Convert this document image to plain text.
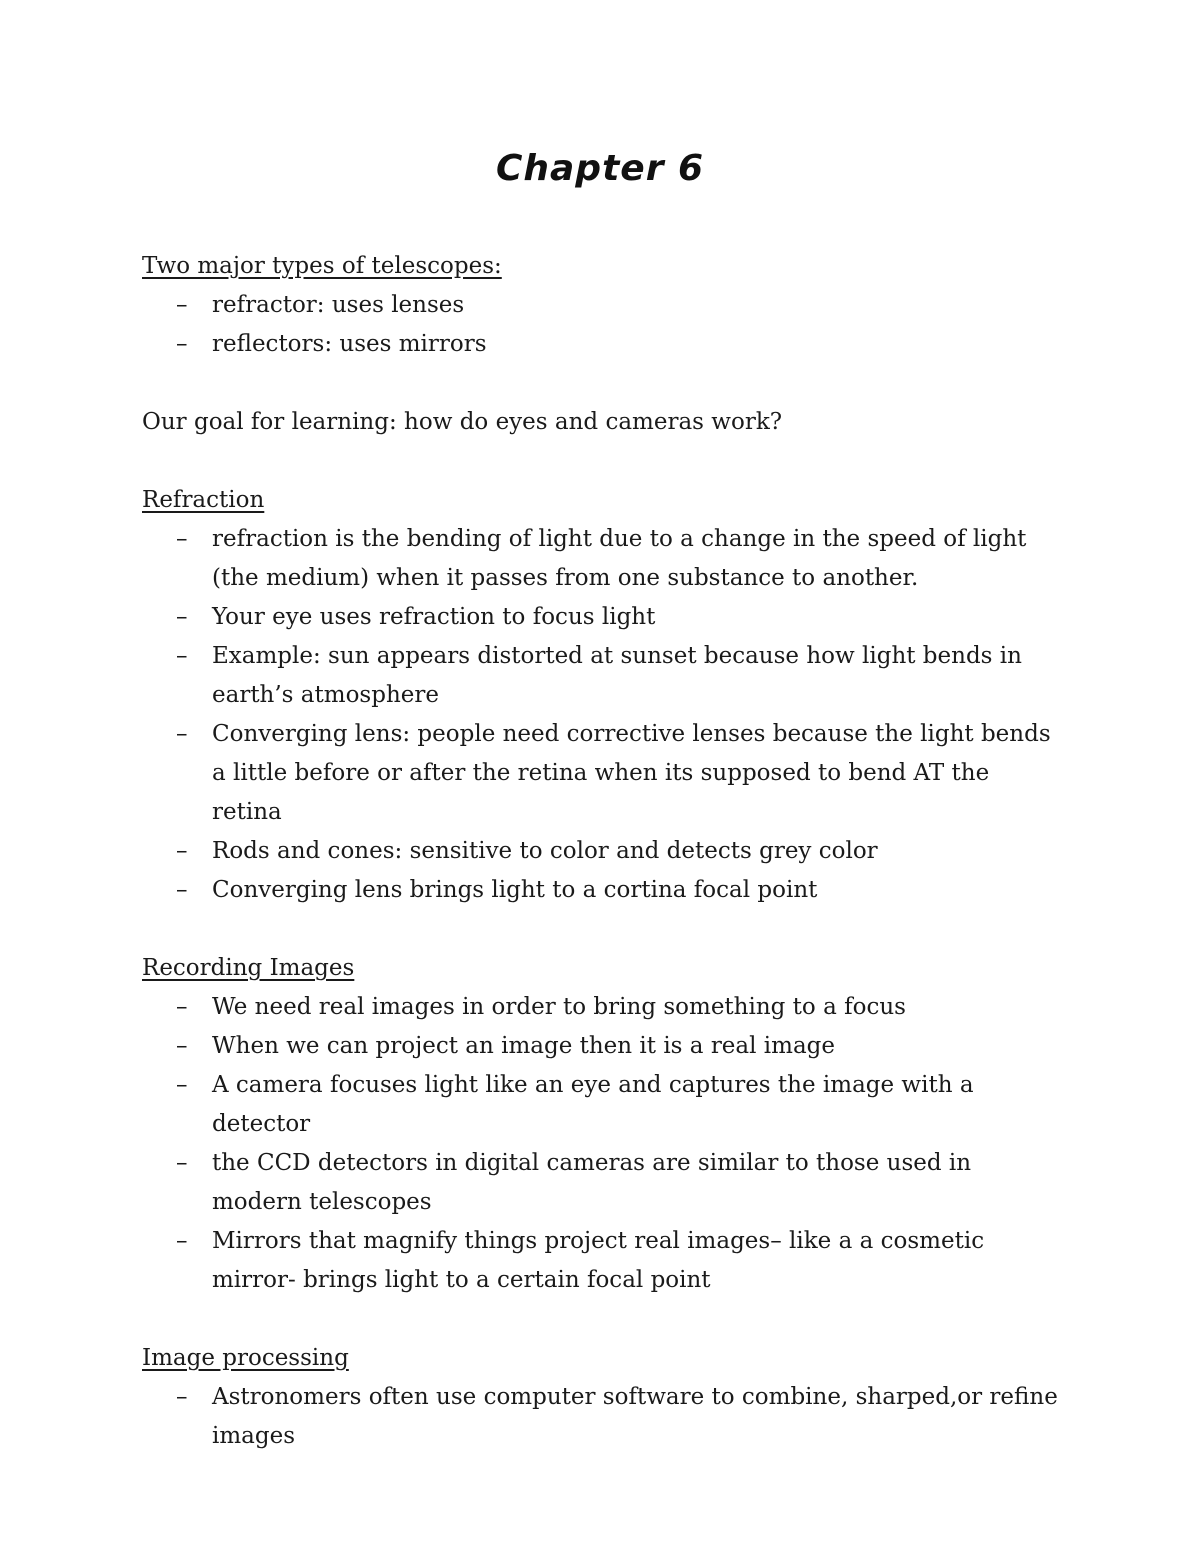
Chapter 6

Two major types of telescopes:

– refractor: uses lenses
– reflectors: uses mirrors

Our goal for learning: how do eyes and cameras work?

Refraction

– refraction is the bending of light due to a change in the speed of light (the medium) when it passes from one substance to another.
– Your eye uses refraction to focus light
– Example: sun appears distorted at sunset because how light bends in earth’s atmosphere
– Converging lens: people need corrective lenses because the light bends a little before or after the retina when its supposed to bend AT the retina
– Rods and cones: sensitive to color and detects grey color
– Converging lens brings light to a cortina focal point

Recording Images

– We need real images in order to bring something to a focus
– When we can project an image then it is a real image
– A camera focuses light like an eye and captures the image with a detector
– the CCD detectors in digital cameras are similar to those used in modern telescopes
– Mirrors that magnify things project real images– like a a cosmetic mirror- brings light to a certain focal point

Image processing

– Astronomers often use computer software to combine, sharped,or refine images
